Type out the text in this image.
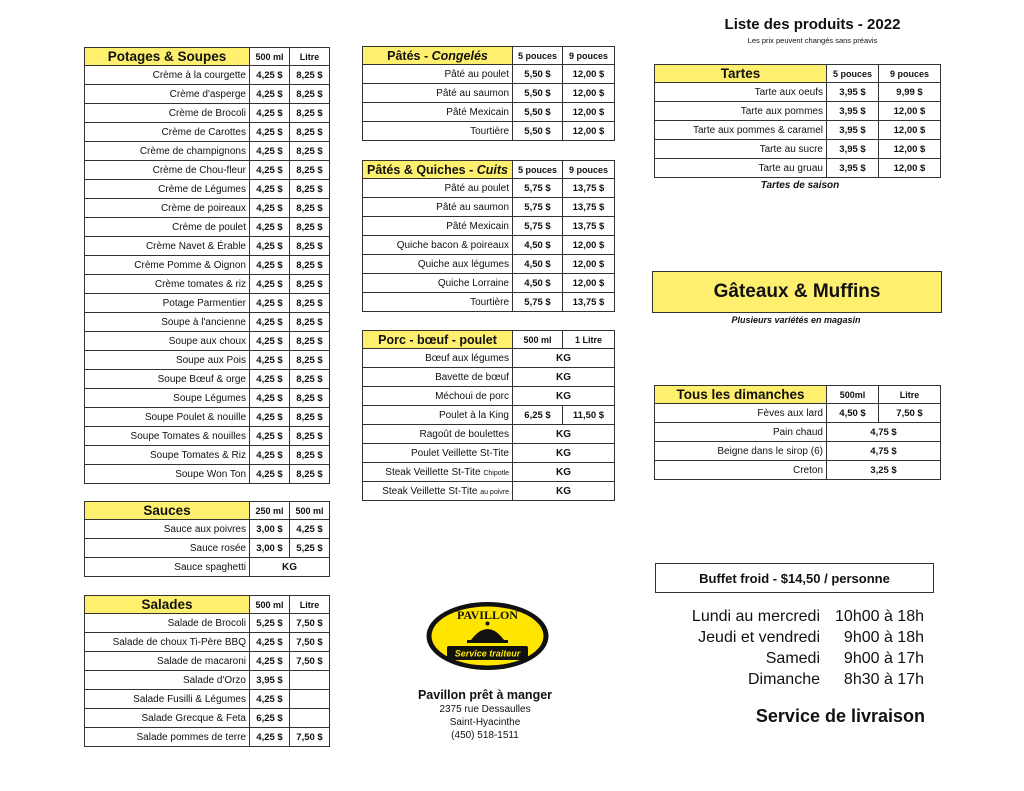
Liste des produits - 2022
Les prix peuvent changés sans préavis
Potages & Soupes	500 ml	Litre
Crème à la courgette	4,25 $	8,25 $
Crème d'asperge	4,25 $	8,25 $
Crème de Brocoli	4,25 $	8,25 $
Crème de Carottes	4,25 $	8,25 $
Crème de champignons	4,25 $	8,25 $
Crème de Chou-fleur	4,25 $	8,25 $
Crème de Légumes	4,25 $	8,25 $
Crème de poireaux	4,25 $	8,25 $
Crème de poulet	4,25 $	8,25 $
Crème Navet & Érable	4,25 $	8,25 $
Crème Pomme & Oignon	4,25 $	8,25 $
Crème tomates & riz	4,25 $	8,25 $
Potage Parmentier	4,25 $	8,25 $
Soupe à l'ancienne	4,25 $	8,25 $
Soupe aux choux	4,25 $	8,25 $
Soupe aux Pois	4,25 $	8,25 $
Soupe Bœuf & orge	4,25 $	8,25 $
Soupe Légumes	4,25 $	8,25 $
Soupe Poulet & nouille	4,25 $	8,25 $
Soupe Tomates & nouilles	4,25 $	8,25 $
Soupe Tomates & Riz	4,25 $	8,25 $
Soupe Won Ton	4,25 $	8,25 $
Sauces	250 ml	500 ml
Sauce aux poivres	3,00 $	4,25 $
Sauce rosée	3,00 $	5,25 $
Sauce spaghetti	KG	
Salades	500 ml	Litre
Salade de Brocoli	5,25 $	7,50 $
Salade de choux Ti-Père BBQ	4,25 $	7,50 $
Salade de macaroni	4,25 $	7,50 $
Salade d'Orzo	3,95 $	
Salade Fusilli & Légumes	4,25 $	
Salade Grecque & Feta	6,25 $	
Salade pommes de terre	4,25 $	7,50 $
Pâtés - Congelés	5 pouces	9 pouces
Pâté au poulet	5,50 $	12,00 $
Pâté au saumon	5,50 $	12,00 $
Pâté Mexicain	5,50 $	12,00 $
Tourtière	5,50 $	12,00 $
Pâtés & Quiches - Cuits	5 pouces	9 pouces
Pâté au poulet	5,75 $	13,75 $
Pâté au saumon	5,75 $	13,75 $
Pâté Mexicain	5,75 $	13,75 $
Quiche bacon & poireaux	4,50 $	12,00 $
Quiche aux légumes	4,50 $	12,00 $
Quiche Lorraine	4,50 $	12,00 $
Tourtière	5,75 $	13,75 $
Porc - bœuf - poulet	500 ml	1 Litre
Bœuf aux légumes	KG	
Bavette de bœuf	KG	
Méchoui de porc	KG	
Poulet à la King	6,25 $	11,50 $
Ragoût de boulettes	KG	
Poulet Veillette St-Tite	KG	
Steak Veillette St-Tite Chipotle	KG	
Steak Veillette St-Tite au poivre	KG	
Tartes	5 pouces	9 pouces
Tarte aux oeufs	3,95 $	9,99 $
Tarte aux pommes	3,95 $	12,00 $
Tarte aux pommes & caramel	3,95 $	12,00 $
Tarte au sucre	3,95 $	12,00 $
Tarte au gruau	3,95 $	12,00 $
Tartes de saison
Gâteaux & Muffins
Plusieurs variétés en magasin
Tous les dimanches	500ml	Litre
Fèves aux lard	4,50 $	7,50 $
Pain chaud	4,75 $	
Beigne dans le sirop (6)	4,75 $	
Creton	3,25 $	
Buffet froid - $14,50 / personne
Lundi au mercredi 10h00 à 18h
Jeudi et vendredi	9h00 à 18h
Samedi	9h00 à 17h
Dimanche	8h30 à 17h
Service de livraison
PAVILLON
Service traiteur
Pavillon prêt à manger
2375 rue Dessaulles
Saint-Hyacinthe
(450) 518-1511
